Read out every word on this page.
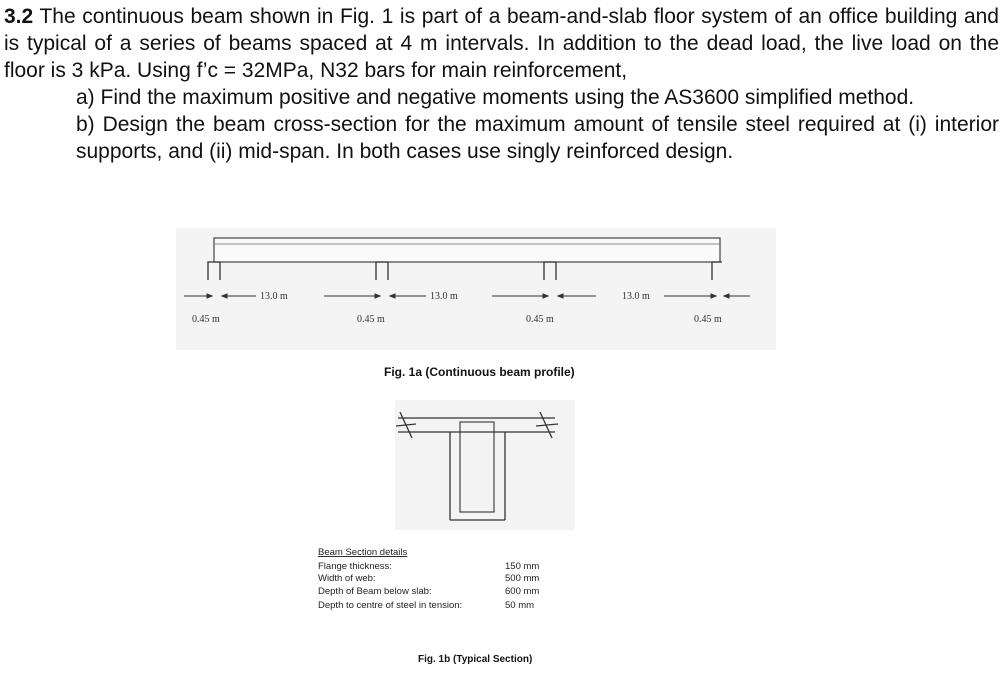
3.2 The continuous beam shown in Fig. 1 is part of a beam-and-slab floor system of an office building and is typical of a series of beams spaced at 4 m intervals. In addition to the dead load, the live load on the floor is 3 kPa. Using f’c = 32MPa, N32 bars for main reinforcement,

a) Find the maximum positive and negative moments using the AS3600 simplified method.

b) Design the beam cross-section for the maximum amount of tensile steel required at (i) interior supports, and (ii) mid-span. In both cases use singly reinforced design.

13.0 m	13.0 m	13.0 m
0.45 m	0.45 m	0.45 m	0.45 m
Fig. 1a (Continuous beam profile)
Beam Section details
Flange thickness:	150 mm
Width of web:	500 mm
Depth of Beam below slab:	600 mm
Depth to centre of steel in tension:	50 mm
Fig. 1b (Typical Section)
